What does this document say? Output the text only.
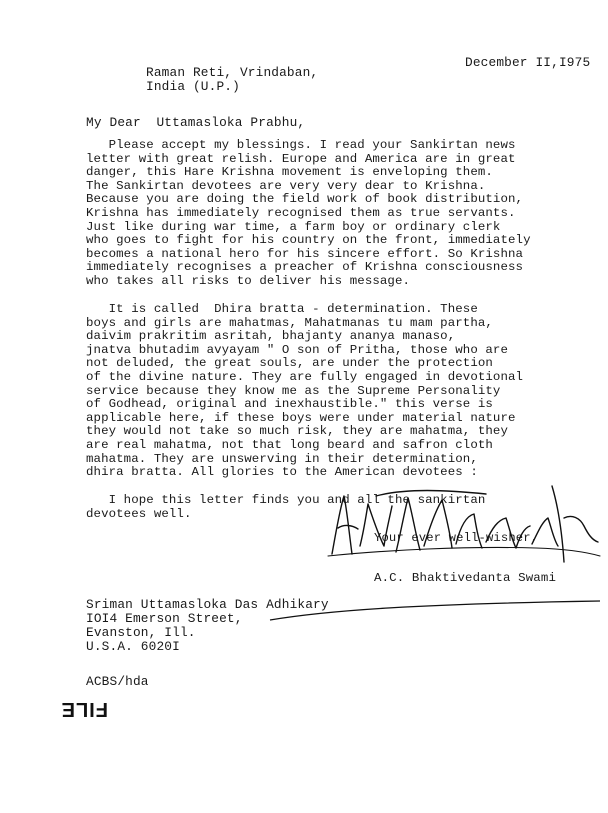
December II,I975
Raman Reti, Vrindaban,
India (U.P.)
My Dear  Uttamasloka Prabhu,
Please accept my blessings. I read your Sankirtan news
letter with great relish. Europe and America are in great
danger, this Hare Krishna movement is enveloping them.
The Sankirtan devotees are very very dear to Krishna.
Because you are doing the field work of book distribution,
Krishna has immediately recognised them as true servants.
Just like during war time, a farm boy or ordinary clerk
who goes to fight for his country on the front, immediately
becomes a national hero for his sincere effort. So Krishna
immediately recognises a preacher of Krishna consciousness
who takes all risks to deliver his message.
It is called  Dhira bratta - determination. These
boys and girls are mahatmas, Mahatmanas tu mam partha,
daivim prakritim asritah, bhajanty ananya manaso,
jnatva bhutadim avyayam " O son of Pritha, those who are
not deluded, the great souls, are under the protection
of the divine nature. They are fully engaged in devotional
service because they know me as the Supreme Personality
of Godhead, original and inexhaustible." this verse is
applicable here, if these boys were under material nature
they would not take so much risk, they are mahatma, they
are real mahatma, not that long beard and safron cloth
mahatma. They are unswerving in their determination,
dhira bratta. All glories to the American devotees :
I hope this letter finds you and all the sankirtan
devotees well.
Your ever well-wisher,
A.C. Bhaktivedanta Swami
Sriman Uttamasloka Das Adhikary
IOI4 Emerson Street,
Evanston, Ill.
U.S.A. 6020I
ACBS/hda
FILE
